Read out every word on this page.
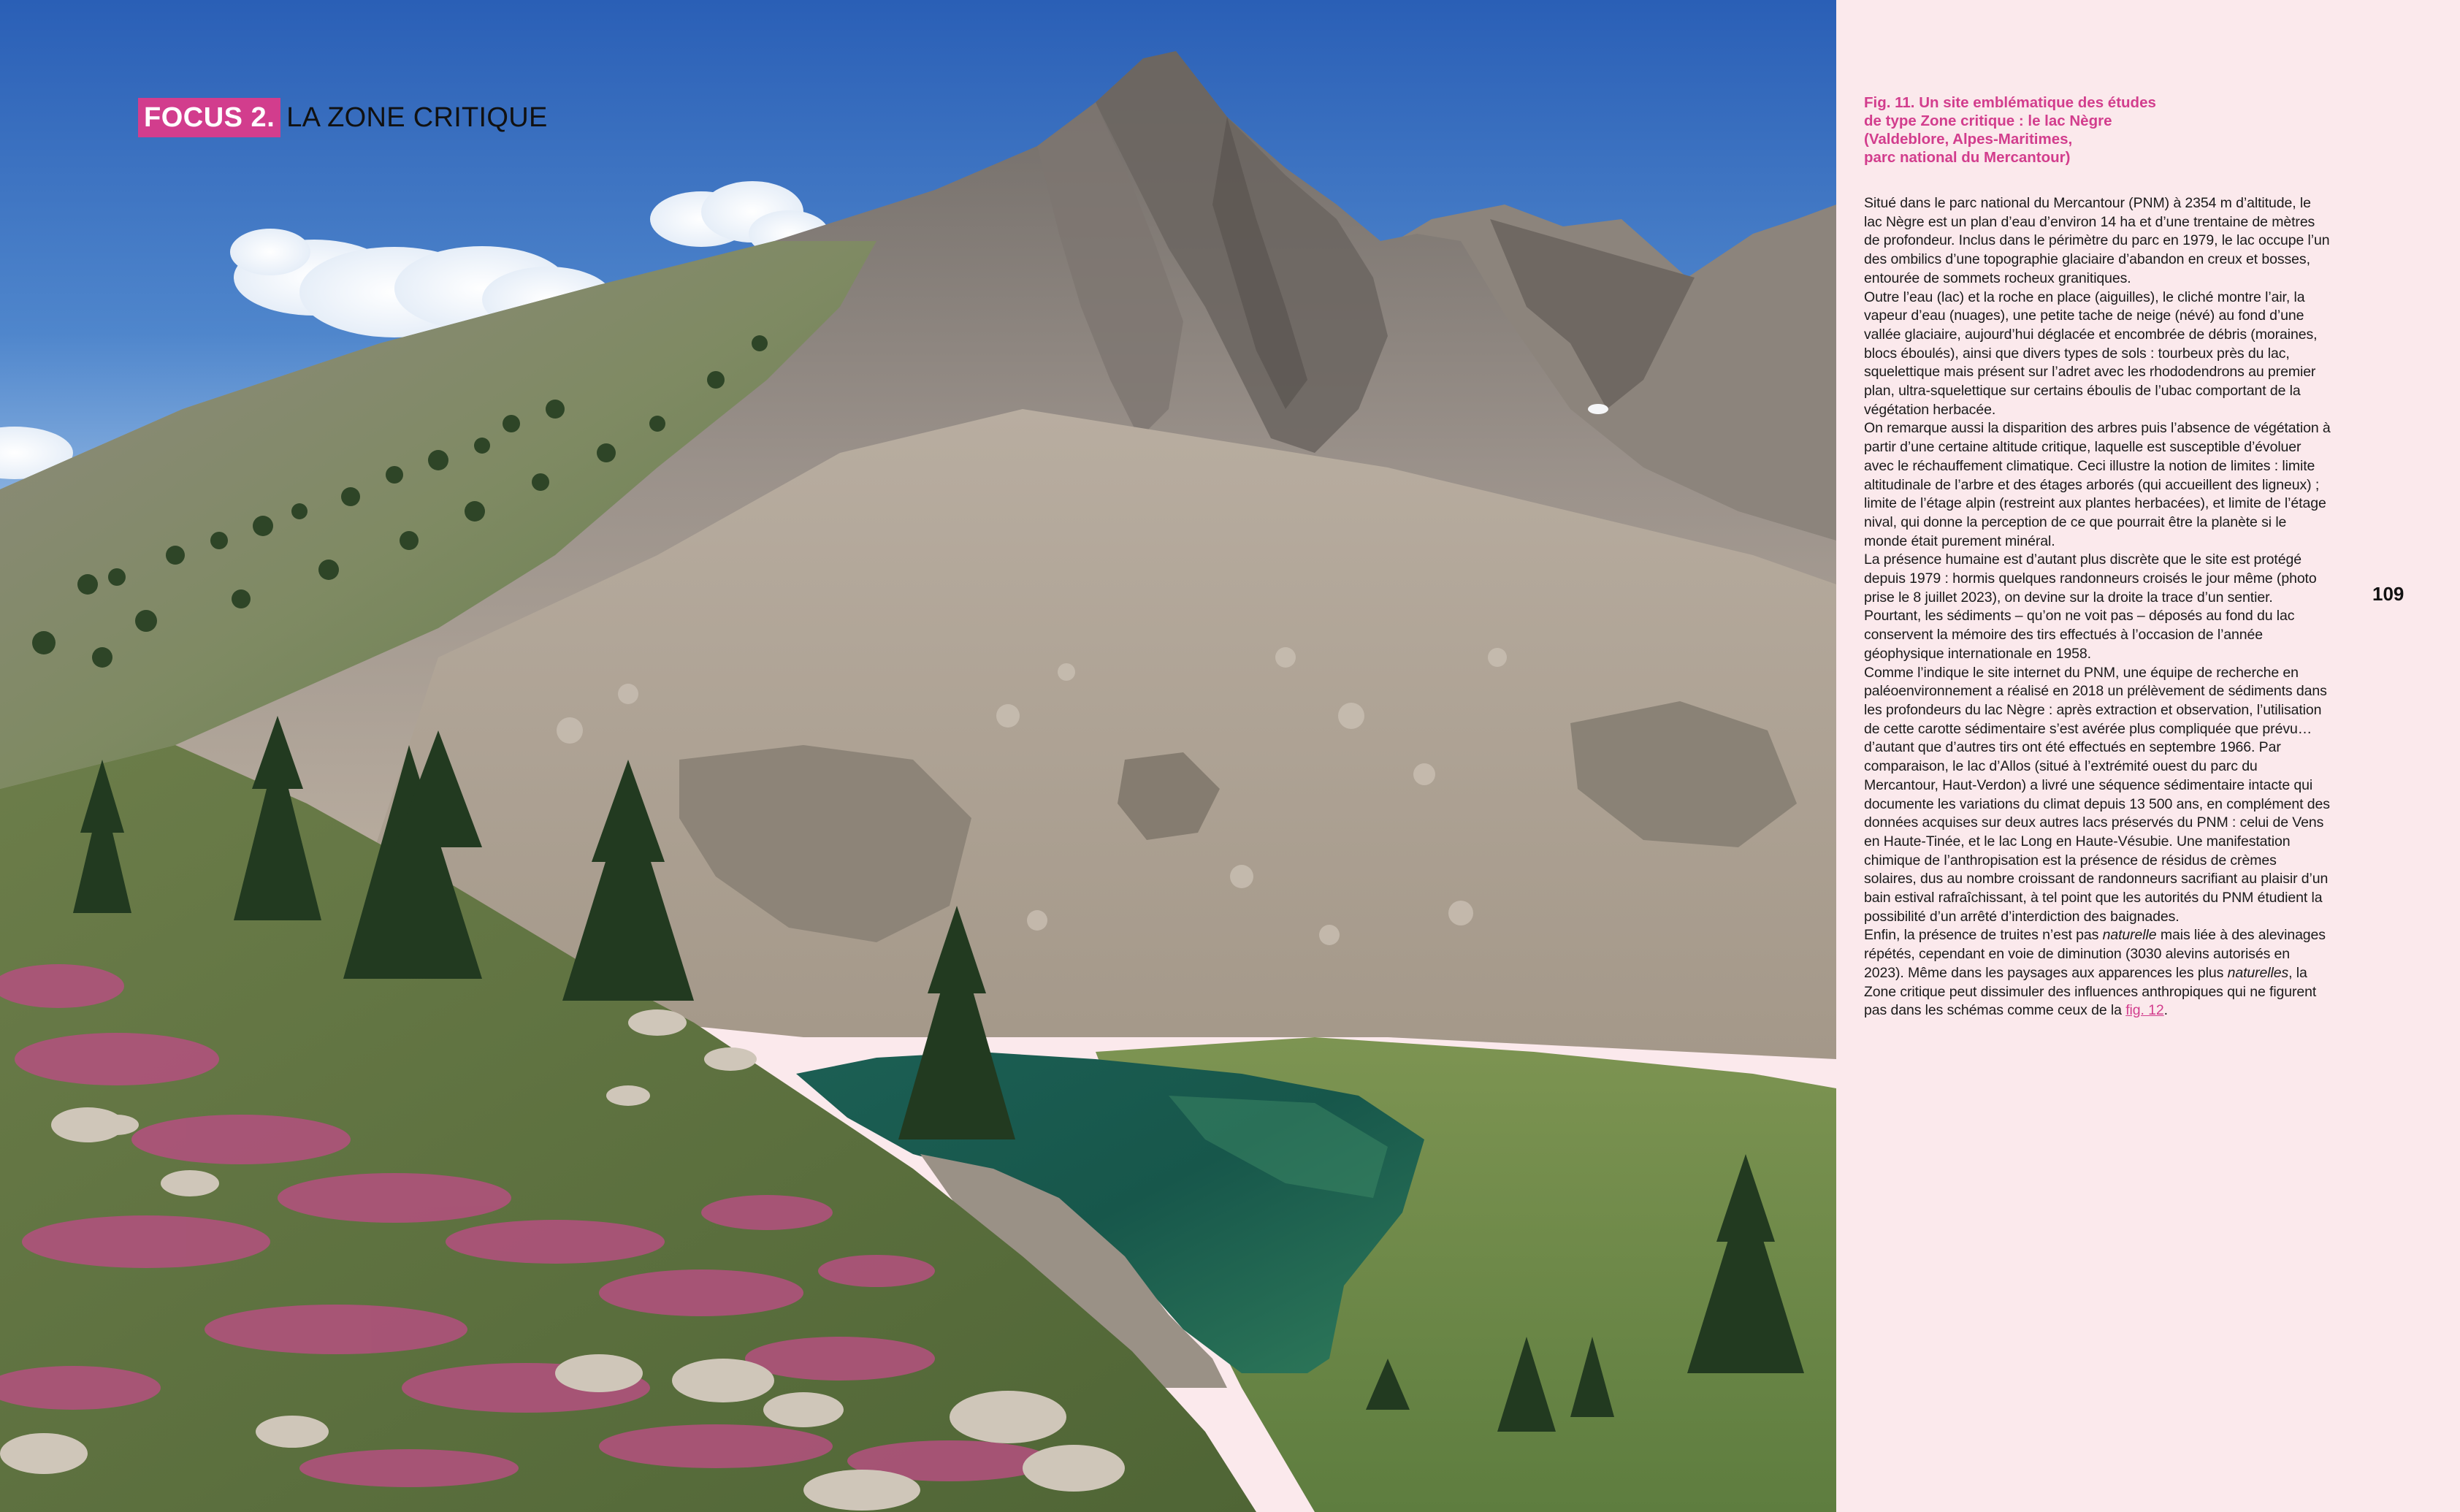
FOCUS 2. LA ZONE CRITIQUE	Fig. 11. Un site emblématique des études
de type Zone critique : le lac Nègre
(Valdeblore, Alpes-Maritimes,
parc national du Mercantour)

Situé dans le parc national du Mercantour (PNM) à 2354 m d’altitude, le lac Nègre est un plan d’eau d’environ 14 ha et d’une trentaine de mètres de profondeur. Inclus dans le périmètre du parc en 1979, le lac occupe l’un des ombilics d’une topographie glaciaire d’abandon en creux et bosses, entourée de sommets rocheux granitiques.

Outre l’eau (lac) et la roche en place (aiguilles), le cliché montre l’air, la vapeur d’eau (nuages), une petite tache de neige (névé) au fond d’une vallée glaciaire, aujourd’hui déglacée et encombrée de débris (moraines, blocs éboulés), ainsi que divers types de sols : tourbeux près du lac, squelettique mais présent sur l’adret avec les rhododendrons au premier plan, ultra-squelettique sur certains éboulis de l’ubac comportant de la végétation herbacée.

On remarque aussi la disparition des arbres puis l’absence de végétation à partir d’une certaine altitude critique, laquelle est susceptible d’évoluer avec le réchauffement climatique. Ceci illustre la notion de limites : limite altitudinale de l’arbre et des étages arborés (qui accueillent des ligneux) ; limite de l’étage alpin (restreint aux plantes herbacées), et limite de l’étage nival, qui donne la perception de ce que pourrait être la planète si le monde était purement minéral.

La présence humaine est d’autant plus discrète que le site est protégé depuis 1979 : hormis quelques randonneurs croisés le jour même (photo prise le 8 juillet 2023), on devine sur la droite la trace d’un sentier. Pourtant, les sédiments – qu’on ne voit pas – déposés au fond du lac conservent la mémoire des tirs effectués à l’occasion de l’année géophysique internationale en 1958.

Comme l’indique le site internet du PNM, une équipe de recherche en paléoenvironnement a réalisé en 2018 un prélèvement de sédiments dans les profondeurs du lac Nègre : après extraction et observation, l’utilisation de cette carotte sédimentaire s’est avérée plus compliquée que prévu… d’autant que d’autres tirs ont été effectués en septembre 1966. Par comparaison, le lac d’Allos (situé à l’extrémité ouest du parc du Mercantour, Haut-Verdon) a livré une séquence sédimentaire intacte qui documente les variations du climat depuis 13 500 ans, en complément des données acquises sur deux autres lacs préservés du PNM : celui de Vens en Haute-Tinée, et le lac Long en Haute-Vésubie. Une manifestation chimique de l’anthropisation est la présence de résidus de crèmes solaires, dus au nombre croissant de randonneurs sacrifiant au plaisir d’un bain estival rafraîchissant, à tel point que les autorités du PNM étudient la possibilité d’un arrêté d’interdiction des baignades.

Enfin, la présence de truites n’est pas naturelle mais liée à des alevinages répétés, cependant en voie de diminution (3030 alevins autorisés en 2023). Même dans les paysages aux apparences les plus naturelles, la Zone critique peut dissimuler des influences anthropiques qui ne figurent pas dans les schémas comme ceux de la fig. 12.

109
